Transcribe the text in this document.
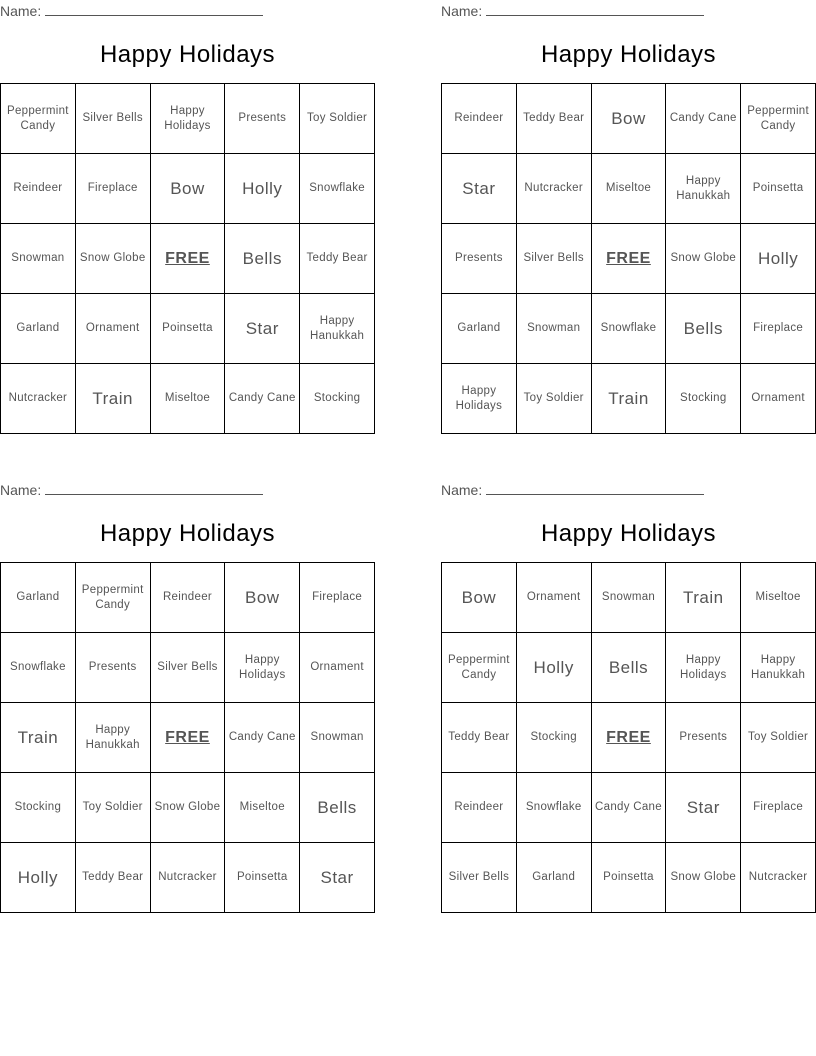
Name:
Happy Holidays
Peppermint Candy	Silver Bells	Happy Holidays	Presents	Toy Soldier
Reindeer	Fireplace	Bow	Holly	Snowflake
Snowman	Snow Globe	FREE	Bells	Teddy Bear
Garland	Ornament	Poinsetta	Star	Happy Hanukkah
Nutcracker	Train	Miseltoe	Candy Cane	Stocking
Name:
Happy Holidays
Reindeer	Teddy Bear	Bow	Candy Cane	Peppermint Candy
Star	Nutcracker	Miseltoe	Happy Hanukkah	Poinsetta
Presents	Silver Bells	FREE	Snow Globe	Holly
Garland	Snowman	Snowflake	Bells	Fireplace
Happy Holidays	Toy Soldier	Train	Stocking	Ornament
Name:
Happy Holidays
Garland	Peppermint Candy	Reindeer	Bow	Fireplace
Snowflake	Presents	Silver Bells	Happy Holidays	Ornament
Train	Happy Hanukkah	FREE	Candy Cane	Snowman
Stocking	Toy Soldier	Snow Globe	Miseltoe	Bells
Holly	Teddy Bear	Nutcracker	Poinsetta	Star
Name:
Happy Holidays
Bow	Ornament	Snowman	Train	Miseltoe
Peppermint Candy	Holly	Bells	Happy Holidays	Happy Hanukkah
Teddy Bear	Stocking	FREE	Presents	Toy Soldier
Reindeer	Snowflake	Candy Cane	Star	Fireplace
Silver Bells	Garland	Poinsetta	Snow Globe	Nutcracker
